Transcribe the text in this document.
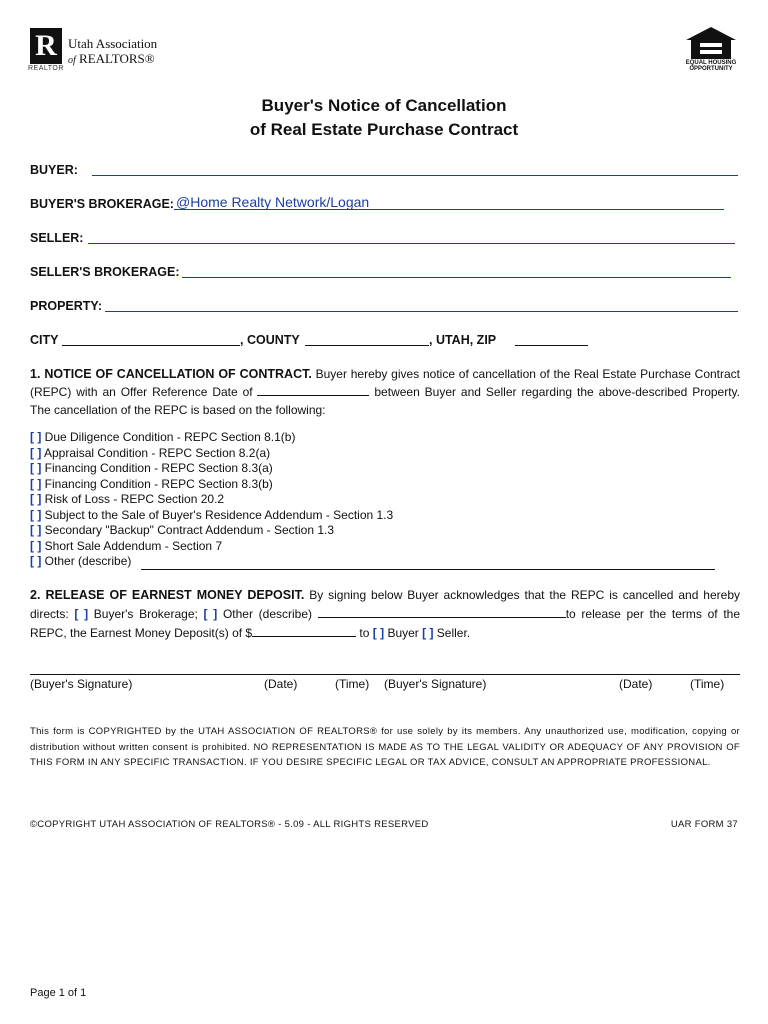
R
REALTOR
Utah Association
of REALTORS®	EQUAL HOUSING OPPORTUNITY
Buyer's Notice of Cancellation
of Real Estate Purchase Contract
BUYER:
BUYER'S BROKERAGE: @Home Realty Network/Logan
SELLER:
SELLER'S BROKERAGE:
PROPERTY:
CITY	, COUNTY	, UTAH, ZIP
1. NOTICE OF CANCELLATION OF CONTRACT. Buyer hereby gives notice of cancellation of the Real Estate Purchase Contract (REPC) with an Offer Reference Date of	between Buyer and Seller regarding the above-described Property. The cancellation of the REPC is based on the following:
[ ] Due Diligence Condition - REPC Section 8.1(b)
[ ] Appraisal Condition - REPC Section 8.2(a)
[ ] Financing Condition - REPC Section 8.3(a)
[ ] Financing Condition - REPC Section 8.3(b)
[ ] Risk of Loss - REPC Section 20.2
[ ] Subject to the Sale of Buyer's Residence Addendum - Section 1.3
[ ] Secondary "Backup" Contract Addendum - Section 1.3
[ ] Short Sale Addendum - Section 7
[ ] Other (describe)
2. RELEASE OF EARNEST MONEY DEPOSIT. By signing below Buyer acknowledges that the REPC is cancelled and hereby directs: [ ] Buyer's Brokerage; [ ] Other (describe)	to release per the terms of the REPC, the Earnest Money Deposit(s) of $	to [ ] Buyer [ ] Seller.
(Buyer's Signature)	(Date)	(Time) (Buyer's Signature)	(Date)	(Time)
This form is COPYRIGHTED by the UTAH ASSOCIATION OF REALTORS® for use solely by its members. Any unauthorized use, modification, copying or distribution without written consent is prohibited. NO REPRESENTATION IS MADE AS TO THE LEGAL VALIDITY OR ADEQUACY OF ANY PROVISION OF THIS FORM IN ANY SPECIFIC TRANSACTION. IF YOU DESIRE SPECIFIC LEGAL OR TAX ADVICE, CONSULT AN APPROPRIATE PROFESSIONAL.
©COPYRIGHT UTAH ASSOCIATION OF REALTORS® - 5.09 - ALL RIGHTS RESERVED	UAR FORM 37
Page 1 of 1
